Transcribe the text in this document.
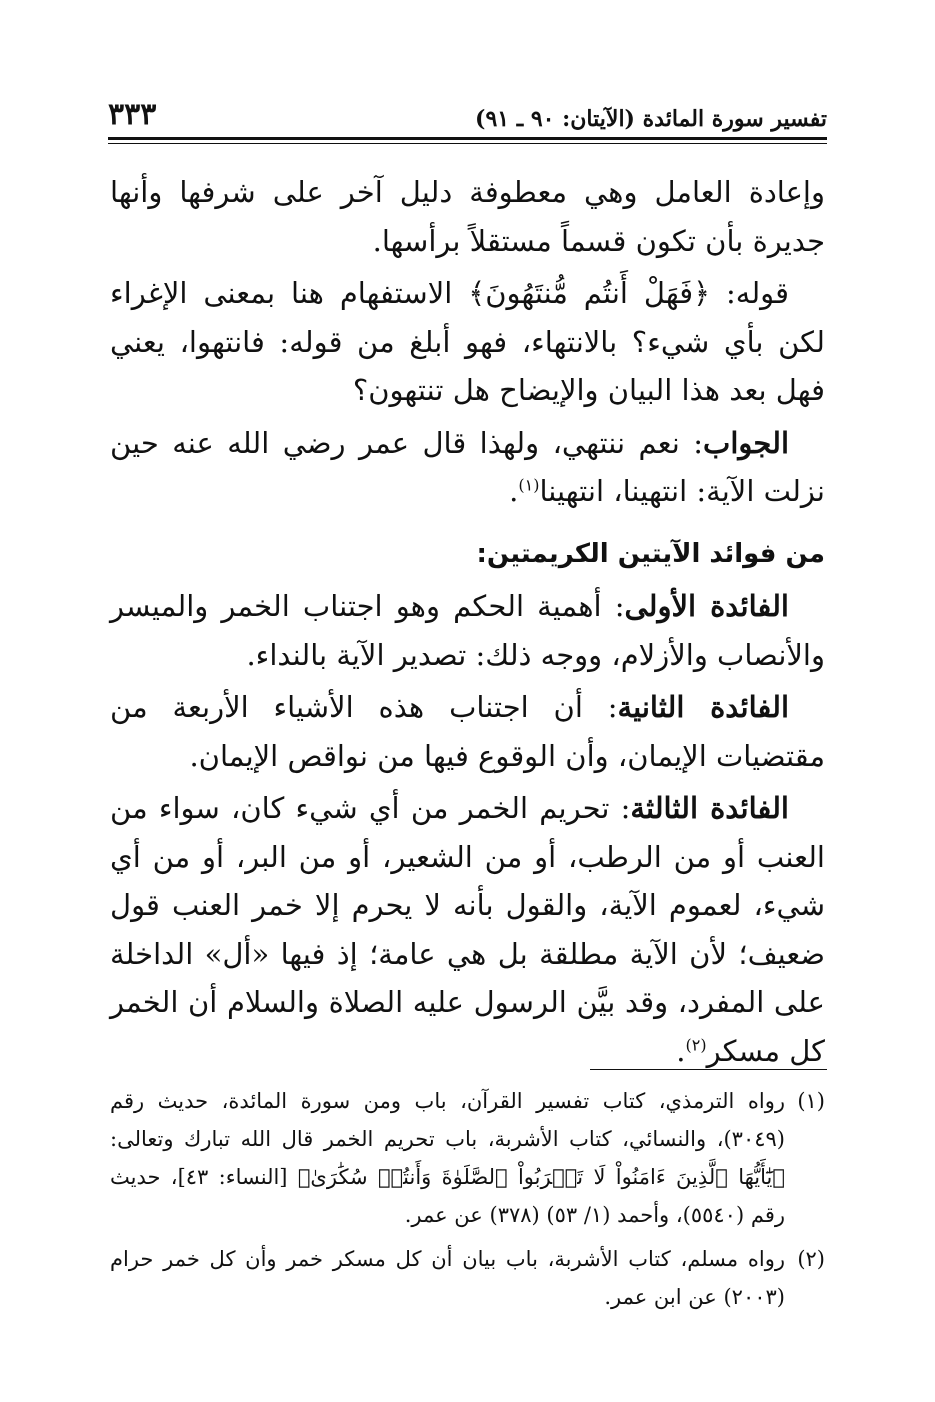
تفسير سورة المائدة (الآيتان: ٩٠ ـ ٩١)
٣٣٣

وإعادة العامل وهي معطوفة دليل آخر على شرفها وأنها جديرة بأن تكون قسماً مستقلاً برأسها.

قوله: ﴿فَهَلْ أَنتُم مُّنتَهُونَ﴾ الاستفهام هنا بمعنى الإغراء لكن بأي شيء؟ بالانتهاء، فهو أبلغ من قوله: فانتهوا، يعني فهل بعد هذا البيان والإيضاح هل تنتهون؟

الجواب: نعم ننتهي، ولهذا قال عمر رضي الله عنه حين نزلت الآية: انتهينا، انتهينا$^{(١)}$.

من فوائد الآيتين الكريمتين:

الفائدة الأولى: أهمية الحكم وهو اجتناب الخمر والميسر والأنصاب والأزلام، ووجه ذلك: تصدير الآية بالنداء.

الفائدة الثانية: أن اجتناب هذه الأشياء الأربعة من مقتضيات الإيمان، وأن الوقوع فيها من نواقص الإيمان.

الفائدة الثالثة: تحريم الخمر من أي شيء كان، سواء من العنب أو من الرطب، أو من الشعير، أو من البر، أو من أي شيء، لعموم الآية، والقول بأنه لا يحرم إلا خمر العنب قول ضعيف؛ لأن الآية مطلقة بل هي عامة؛ إذ فيها «أل» الداخلة على المفرد، وقد بيَّن الرسول عليه الصلاة والسلام أن الخمر كل مسكر$^{(٢)}$.

(١)
رواه الترمذي، كتاب تفسير القرآن، باب ومن سورة المائدة، حديث رقم (٣٠٤٩)، والنسائي، كتاب الأشربة، باب تحريم الخمر قال الله تبارك وتعالى: ﴿يَٰٓأَيُّهَا ٱلَّذِينَ ءَامَنُواْ لَا تَقۡرَبُواْ ٱلصَّلَوٰةَ وَأَنتُمۡ سُكَٰرَىٰ﴾ [النساء: ٤٣]، حديث رقم (٥٥٤٠)، وأحمد (١/ ٥٣) (٣٧٨) عن عمر.

(٢)
رواه مسلم، كتاب الأشربة، باب بيان أن كل مسكر خمر وأن كل خمر حرام (٢٠٠٣) عن ابن عمر.
